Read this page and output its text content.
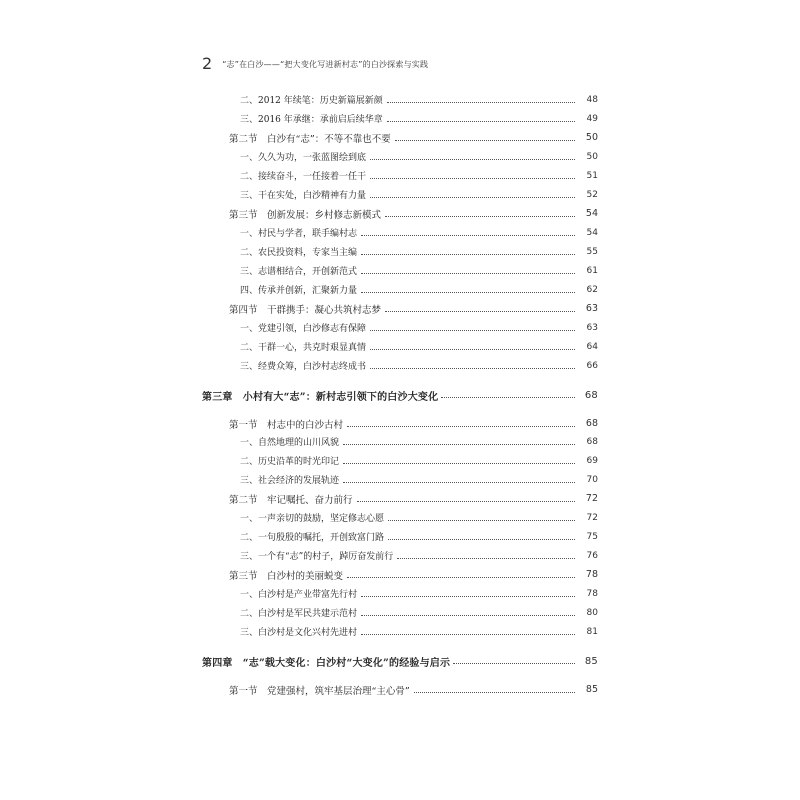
2 “志”在白沙——“把大变化写进新村志”的白沙探索与实践
二、2012 年续笔：历史新篇展新颜	48
三、2016 年承继：承前启后续华章	49
第二节　白沙有“志”：不等不靠也不要	50
一、久久为功，一张蓝图绘到底	50
二、接续奋斗，一任接着一任干	51
三、干在实处，白沙精神有力量	52
第三节　创新发展：乡村修志新模式	54
一、村民与学者，联手编村志	54
二、农民投资料，专家当主编	55
三、志谱相结合，开创新范式	61
四、传承并创新，汇聚新力量	62
第四节　干群携手：凝心共筑村志梦	63
一、党建引领，白沙修志有保障	63
二、干群一心，共克时艰显真情	64
三、经费众筹，白沙村志终成书	66
第三章　小村有大“志”：新村志引领下的白沙大变化	68
第一节　村志中的白沙古村	68
一、自然地理的山川风貌	68
二、历史沿革的时光印记	69
三、社会经济的发展轨迹	70
第二节　牢记嘱托、奋力前行	72
一、一声亲切的鼓励，坚定修志心愿	72
二、一句殷殷的嘱托，开创致富门路	75
三、一个有“志”的村子，踔厉奋发前行	76
第三节　白沙村的美丽蜕变	78
一、白沙村是产业带富先行村	78
二、白沙村是军民共建示范村	80
三、白沙村是文化兴村先进村	81
第四章　“志”载大变化：白沙村“大变化”的经验与启示	85
第一节　党建强村，筑牢基层治理“主心骨”	85
